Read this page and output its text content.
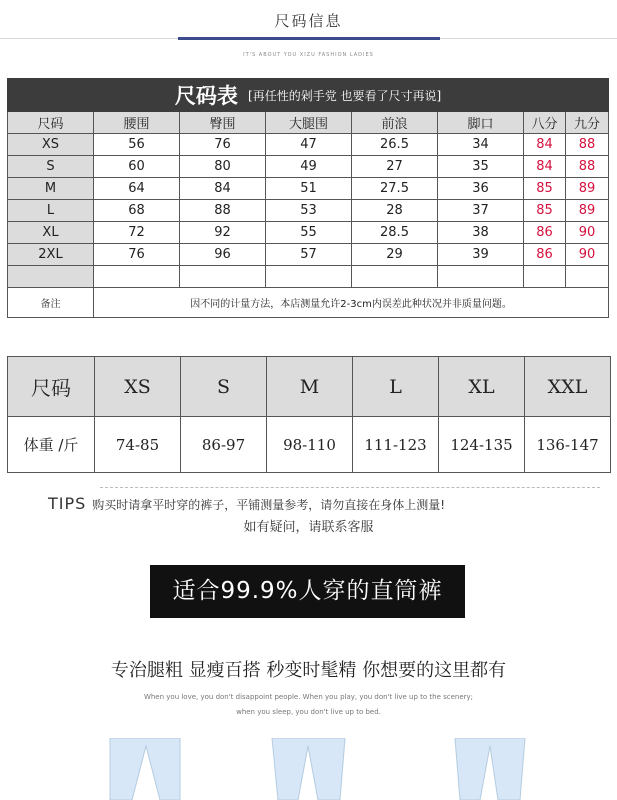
尺码信息
IT'S ABOUT YOU XIZU FASHION LADIES
尺码表 [再任性的剁手党 也要看了尺寸再说]							
尺码	腰围	臀围	大腿围	前浪	脚口	八分	九分
XS	56	76	47	26.5	34	84	88
S	60	80	49	27	35	84	88
M	64	84	51	27.5	36	85	89
L	68	88	53	28	37	85	89
XL	72	92	55	28.5	38	86	90
2XL	76	96	57	29	39	86	90

备注	因不同的计量方法，本店测量允许2-3cm内误差此种状况并非质量问题。						
尺码	XS	S	M	L	XL	XXL
体重 /斤	74-85	86-97	98-110	111-123	124-135	136-147
TIPS 购买时请拿平时穿的裤子，平铺测量参考，请勿直接在身体上测量!
如有疑问，请联系客服
适合99.9%人穿的直筒裤
专治腿粗 显瘦百搭 秒变时髦精 你想要的这里都有
When you love, you don't disappoint people. When you play, you don't live up to the scenery;
when you sleep, you don't live up to bed.
